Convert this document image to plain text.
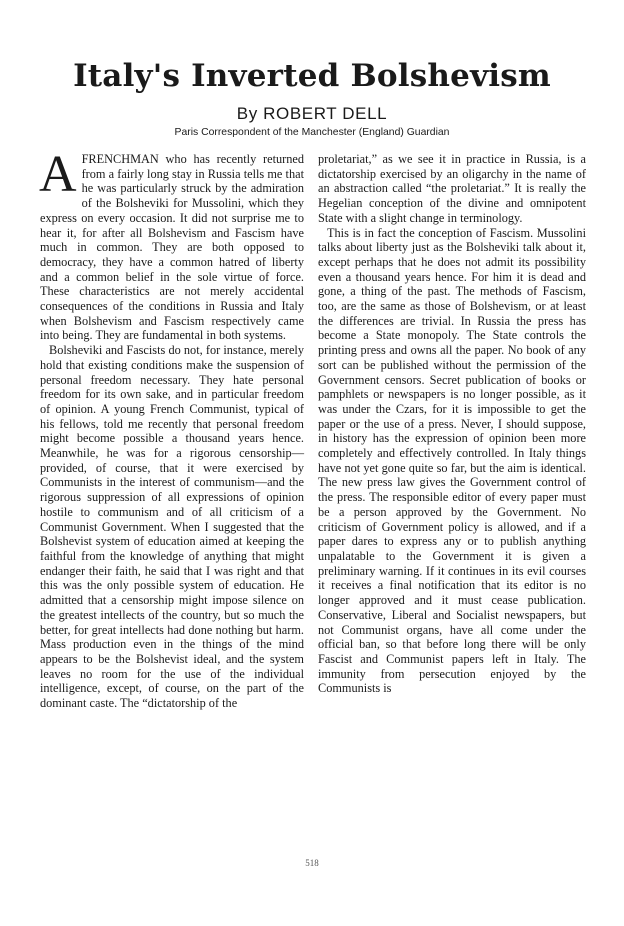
Italy's Inverted Bolshevism
By ROBERT DELL
Paris Correspondent of the Manchester (England) Guardian

AFRENCHMAN who has recently returned from a fairly long stay in Russia tells me that he was particularly struck by the admiration of the Bolsheviki for Mussolini, which they express on every occasion. It did not surprise me to hear it, for after all Bolshevism and Fascism have much in common. They are both opposed to democracy, they have a common hatred of liberty and a common belief in the sole virtue of force. These characteristics are not merely accidental consequences of the conditions in Russia and Italy when Bolshevism and Fascism respectively came into being. They are fundamental in both systems.

Bolsheviki and Fascists do not, for instance, merely hold that existing conditions make the suspension of personal freedom necessary. They hate personal freedom for its own sake, and in particular freedom of opinion. A young French Communist, typical of his fellows, told me recently that personal freedom might become possible a thousand years hence. Meanwhile, he was for a rigorous censorship—provided, of course, that it were exercised by Communists in the interest of communism—and the rigorous suppression of all expressions of opinion hostile to communism and of all criticism of a Communist Government. When I suggested that the Bolshevist system of education aimed at keeping the faithful from the knowledge of anything that might endanger their faith, he said that I was right and that this was the only possible system of education. He admitted that a censorship might impose silence on the greatest intellects of the country, but so much the better, for great intellects had done nothing but harm. Mass production even in the things of the mind appears to be the Bolshevist ideal, and the system leaves no room for the use of the individual intelligence, except, of course, on the part of the dominant caste. The “dictatorship of the

proletariat,” as we see it in practice in Russia, is a dictatorship exercised by an oligarchy in the name of an abstraction called “the proletariat.” It is really the Hegelian conception of the divine and omnipotent State with a slight change in terminology.

This is in fact the conception of Fascism. Mussolini talks about liberty just as the Bolsheviki talk about it, except perhaps that he does not admit its possibility even a thousand years hence. For him it is dead and gone, a thing of the past. The methods of Fascism, too, are the same as those of Bolshevism, or at least the differences are trivial. In Russia the press has become a State monopoly. The State controls the printing press and owns all the paper. No book of any sort can be published without the permission of the Government censors. Secret publication of books or pamphlets or newspapers is no longer possible, as it was under the Czars, for it is impossible to get the paper or the use of a press. Never, I should suppose, in history has the expression of opinion been more completely and effectively controlled. In Italy things have not yet gone quite so far, but the aim is identical. The new press law gives the Government control of the press. The responsible editor of every paper must be a person approved by the Government. No criticism of Government policy is allowed, and if a paper dares to express any or to publish anything unpalatable to the Government it is given a preliminary warning. If it continues in its evil courses it receives a final notification that its editor is no longer approved and it must cease publication. Conservative, Liberal and Socialist newspapers, but not Communist organs, have all come under the official ban, so that before long there will be only Fascist and Communist papers left in Italy. The immunity from persecution enjoyed by the Communists is

518
